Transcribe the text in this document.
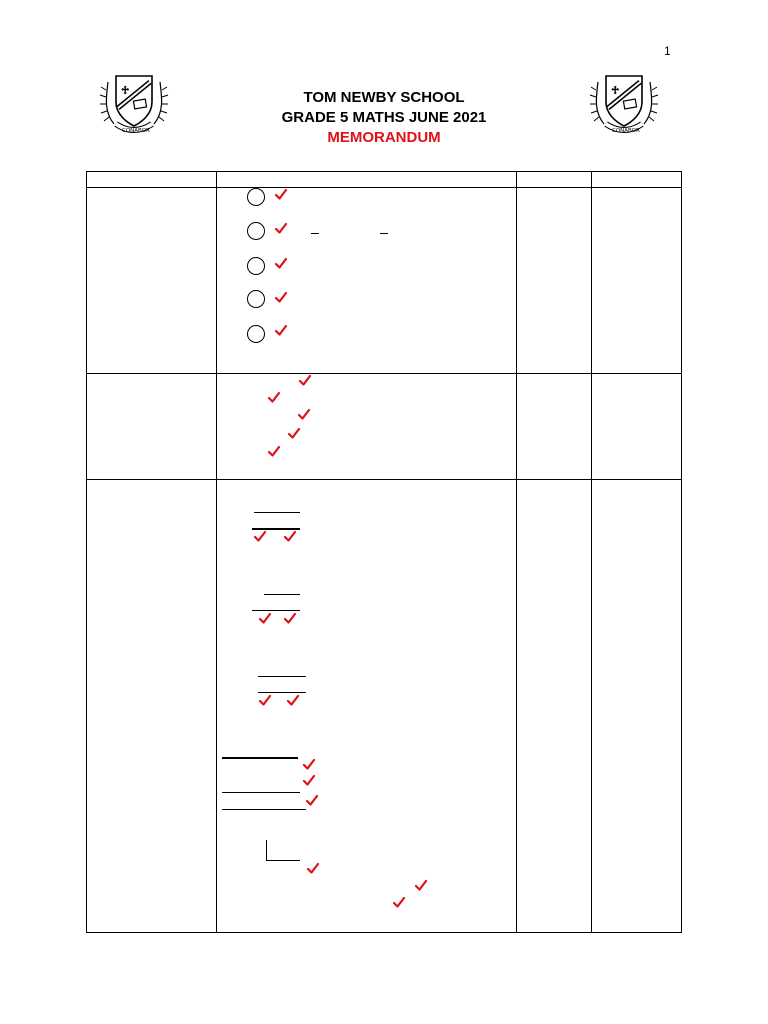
1
♱
CONABOR
♱
CONABOR
TOM NEWBY SCHOOL
GRADE 5 MATHS JUNE 2021
MEMORANDUM
